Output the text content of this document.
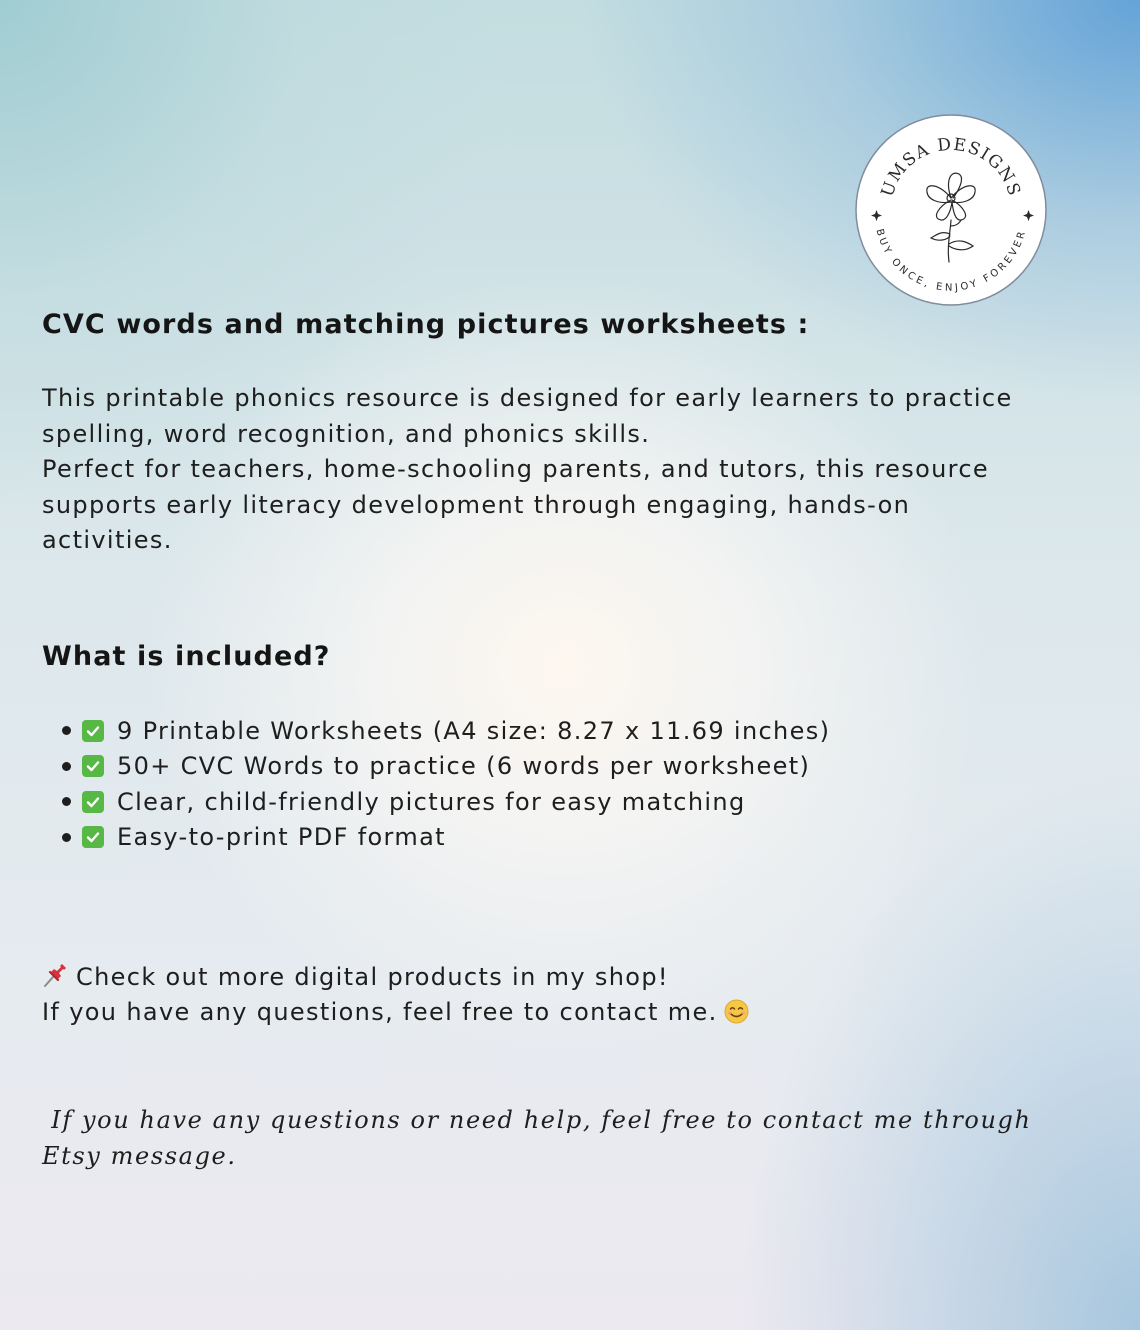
UMSA DESIGNS
BUY ONCE, ENJOY FOREVER
CVC words and matching pictures worksheets :

This printable phonics resource is designed for early learners to practice
spelling, word recognition, and phonics skills.

Perfect for teachers, home-schooling parents, and tutors, this resource
supports early literacy development through engaging, hands-on
activities.

What is included?
9 Printable Worksheets (A4 size: 8.27 x 11.69 inches)
50+ CVC Words to practice (6 words per worksheet)
Clear, child-friendly pictures for easy matching
Easy-to-print PDF format

Check out more digital products in my shop!

If you have any questions, feel free to contact me.

If you have any questions or need help, feel free to contact me through
Etsy message.
